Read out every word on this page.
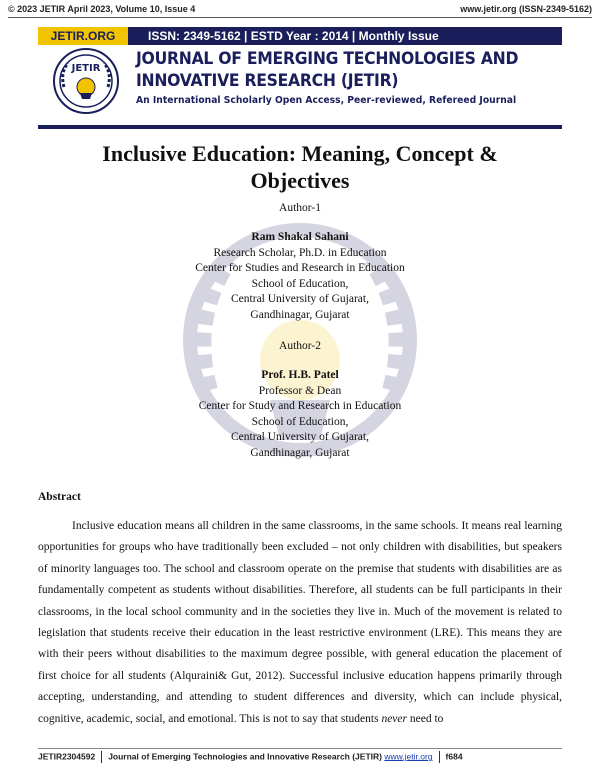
© 2023 JETIR April 2023, Volume 10, Issue 4	www.jetir.org (ISSN-2349-5162)
JETIR.ORG	ISSN: 2349-5162 | ESTD Year : 2014 | Monthly Issue
JETIR JOURNAL OF EMERGING TECHNOLOGIES AND
INNOVATIVE RESEARCH (JETIR)
An International Scholarly Open Access, Peer-reviewed, Refereed Journal
Inclusive Education: Meaning, Concept &
Objectives
Author-1
Ram Shakal Sahani
Research Scholar, Ph.D. in Education
Center for Studies and Research in Education
School of Education,
Central University of Gujarat,
Gandhinagar, Gujarat
Author-2
Prof. H.B. Patel
Professor & Dean
Center for Study and Research in Education
School of Education,
Central University of Gujarat,
Gandhinagar, Gujarat
Abstract

Inclusive education means all children in the same classrooms, in the same schools. It means real learning opportunities for groups who have traditionally been excluded – not only children with disabilities, but speakers of minority languages too. The school and classroom operate on the premise that students with disabilities are as fundamentally competent as students without disabilities. Therefore, all students can be full participants in their classrooms, in the local school community and in the societies they live in. Much of the movement is related to legislation that students receive their education in the least restrictive environment (LRE). This means they are with their peers without disabilities to the maximum degree possible, with general education the placement of first choice for all students (Alquraini& Gut, 2012). Successful inclusive education happens primarily through accepting, understanding, and attending to student differences and diversity, which can include physical, cognitive, academic, social, and emotional. This is not to say that students never need to

JETIR2304592 Journal of Emerging Technologies and Innovative Research (JETIR) www.jetir.org f684
